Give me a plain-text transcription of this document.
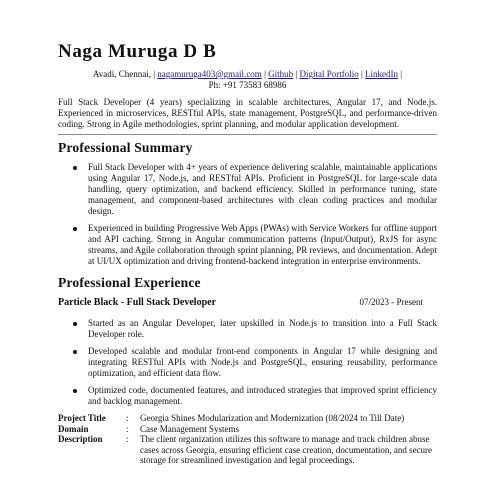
Naga Muruga D B
Avadi, Chennai, | nagamuruga403@gmail.com | Github | Digital Portfolio | LinkedIn |
Ph: +91 73583 68986
Full Stack Developer (4 years) specializing in scalable architectures, Angular 17, and Node.js. Experienced in microservices, RESTful APIs, state management, PostgreSQL, and performance-driven coding. Strong in Agile methodologies, sprint planning, and modular application development.
Professional Summary
Full Stack Developer with 4+ years of experience delivering scalable, maintainable applications using Angular 17, Node.js, and RESTful APIs. Proficient in PostgreSQL for large-scale data handling, query optimization, and backend efficiency. Skilled in performance tuning, state management, and component-based architectures with clean coding practices and modular design.
Experienced in building Progressive Web Apps (PWAs) with Service Workers for offline support and API caching. Strong in Angular communication patterns (Input/Output), RxJS for async streams, and Agile collaboration through sprint planning, PR reviews, and documentation. Adept at UI/UX optimization and driving frontend-backend integration in enterprise environments.
Professional Experience
Particle Black - Full Stack Developer	07/2023 - Present
Started as an Angular Developer, later upskilled in Node.js to transition into a Full Stack Developer role.
Developed scalable and modular front-end components in Angular 17 while designing and integrating RESTful APIs with Node.js and PostgreSQL, ensuring reusability, performance optimization, and efficient data flow.
Optimized code, documented features, and introduced strategies that improved sprint efficiency and backlog management.
Project Title	:	Georgia Shines Modularization and Modernization (08/2024 to Till Date)
Domain	:	Case Management Systems
Description	:	The client organization utilizes this software to manage and track children abuse cases across Georgia, ensuring efficient case creation, documentation, and secure storage for streamlined investigation and legal proceedings.
